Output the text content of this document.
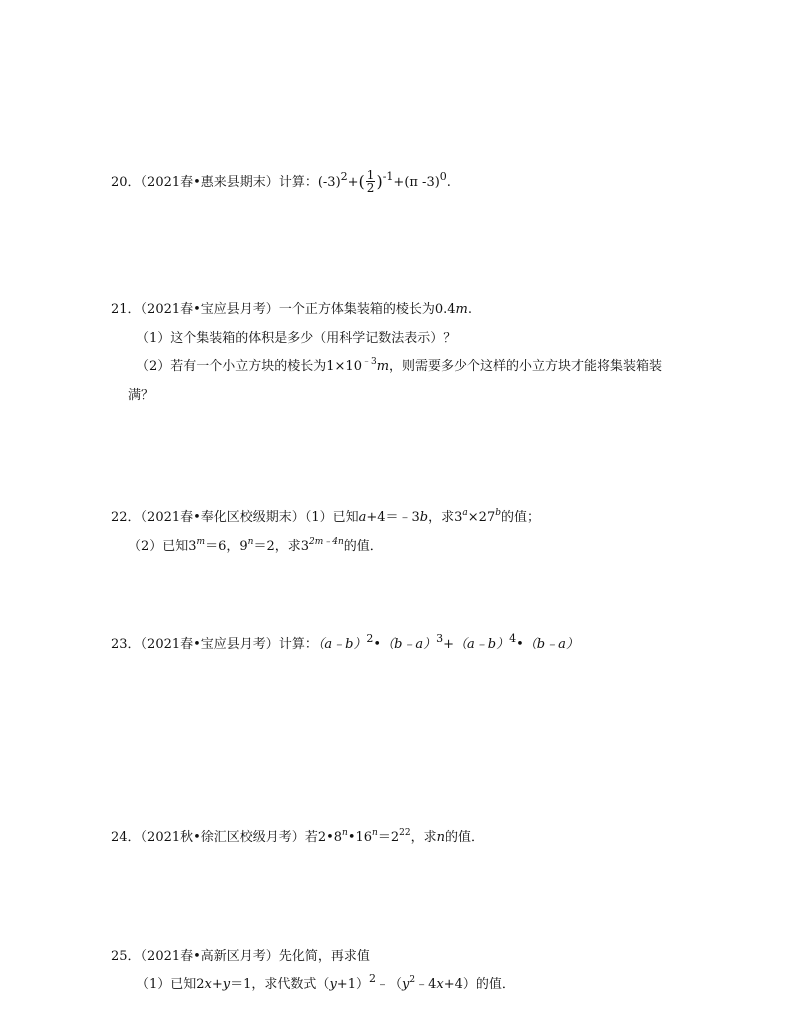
20．（2021春•惠来县期末）计算：$(-3)^2+( \frac{1}{2} )^{-1}+(\pi$ -3)$^0$.
21．（2021春•宝应县月考）一个正方体集装箱的棱长为0.4m.
（1）这个集装箱的体积是多少（用科学记数法表示）？
（2）若有一个小立方块的棱长为$1\times 10^{﹣3}m$，则需要多少个这样的小立方块才能将集装箱装
满？
22．（2021春•奉化区校级期末）（1）已知a+4＝﹣3b，求$3^a\times 27^b$的值；
（2）已知$3^m=6$，$9^n=2$，求$3^{2m﹣4n}$的值．
23．（2021春•宝应县月考）计算：（a﹣b）$^2$•（b﹣a）$^3$+（a﹣b）$^4$•（b﹣a）
24．（2021秋•徐汇区校级月考）若$2•8^n•16^n=2^{22}$，求n的值．
25．（2021春•高新区月考）先化简，再求值
（1）已知2x+y＝1，求代数式$(y+1)^2﹣(y^2﹣4x+4)$的值．
